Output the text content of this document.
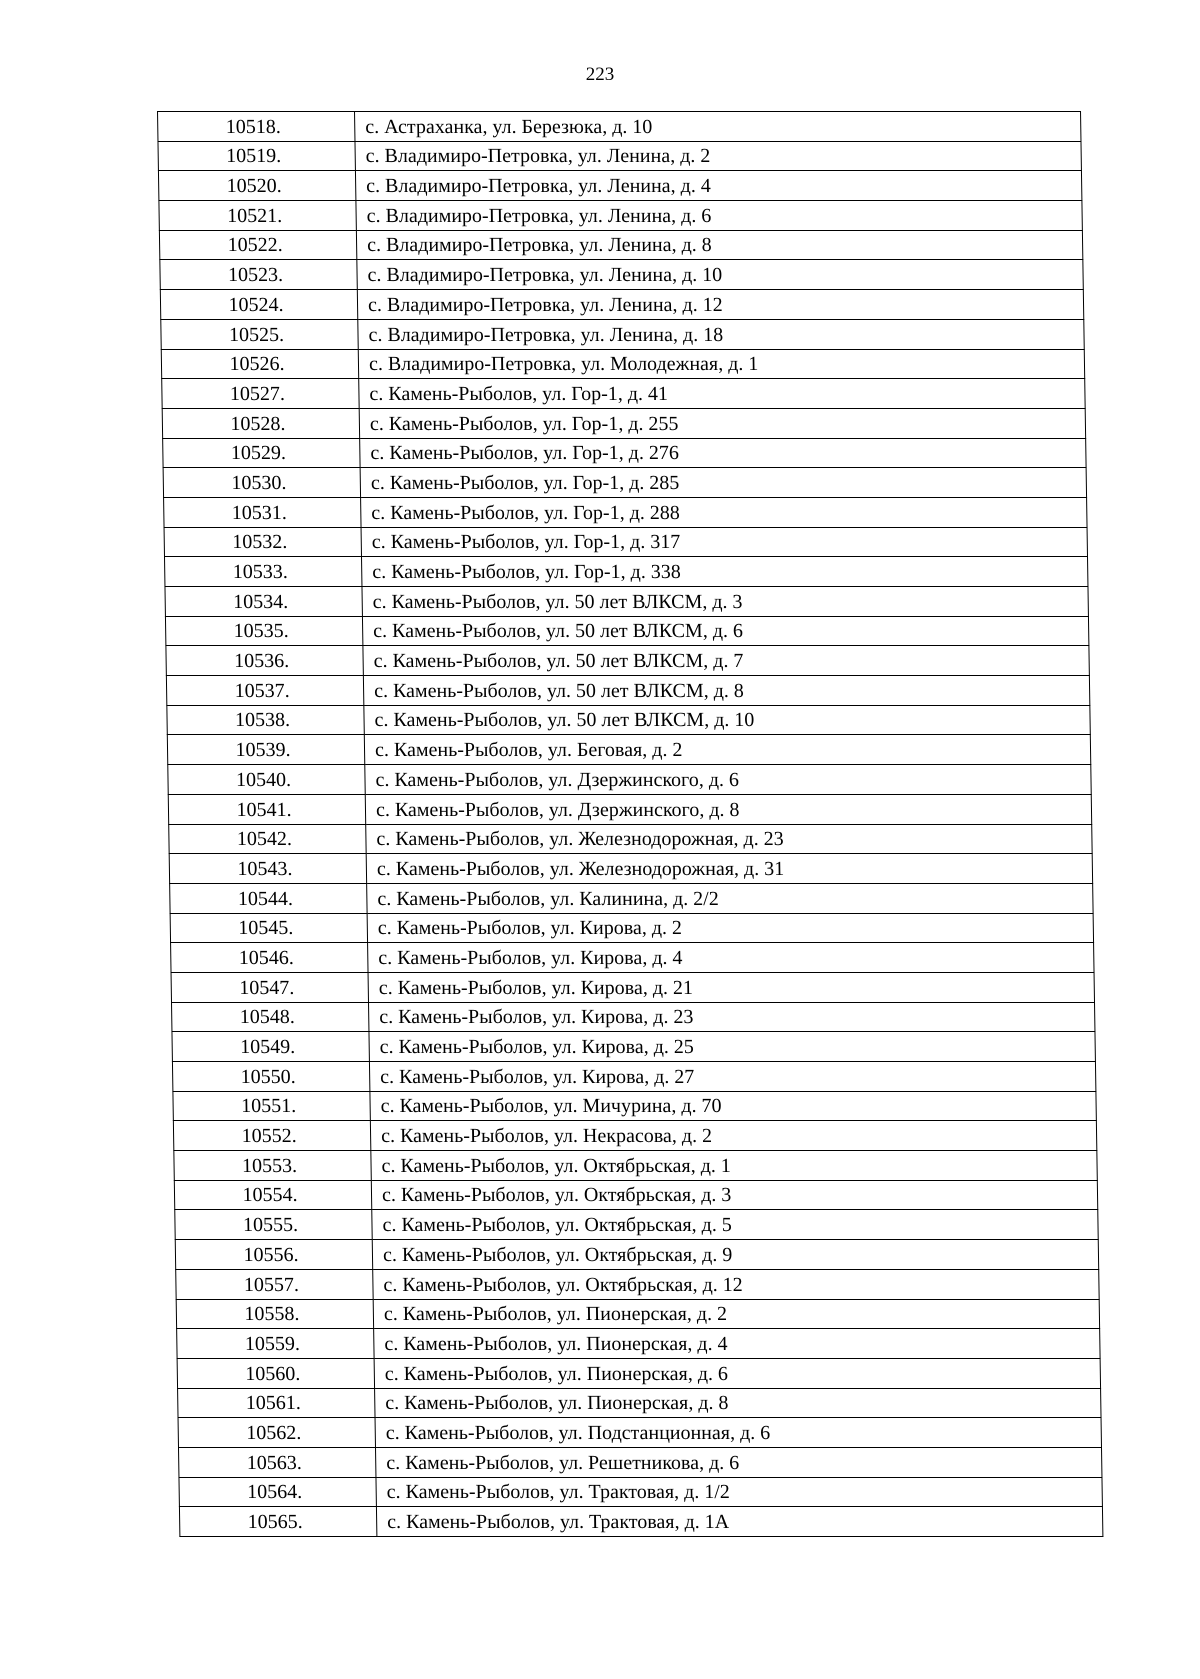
223
10518.	с. Астраханка, ул. Березюка, д. 10
10519.	с. Владимиро-Петровка, ул. Ленина, д. 2
10520.	с. Владимиро-Петровка, ул. Ленина, д. 4
10521.	с. Владимиро-Петровка, ул. Ленина, д. 6
10522.	с. Владимиро-Петровка, ул. Ленина, д. 8
10523.	с. Владимиро-Петровка, ул. Ленина, д. 10
10524.	с. Владимиро-Петровка, ул. Ленина, д. 12
10525.	с. Владимиро-Петровка, ул. Ленина, д. 18
10526.	с. Владимиро-Петровка, ул. Молодежная, д. 1
10527.	с. Камень-Рыболов, ул. Гор-1, д. 41
10528.	с. Камень-Рыболов, ул. Гор-1, д. 255
10529.	с. Камень-Рыболов, ул. Гор-1, д. 276
10530.	с. Камень-Рыболов, ул. Гор-1, д. 285
10531.	с. Камень-Рыболов, ул. Гор-1, д. 288
10532.	с. Камень-Рыболов, ул. Гор-1, д. 317
10533.	с. Камень-Рыболов, ул. Гор-1, д. 338
10534.	с. Камень-Рыболов, ул. 50 лет ВЛКСМ, д. 3
10535.	с. Камень-Рыболов, ул. 50 лет ВЛКСМ, д. 6
10536.	с. Камень-Рыболов, ул. 50 лет ВЛКСМ, д. 7
10537.	с. Камень-Рыболов, ул. 50 лет ВЛКСМ, д. 8
10538.	с. Камень-Рыболов, ул. 50 лет ВЛКСМ, д. 10
10539.	с. Камень-Рыболов, ул. Беговая, д. 2
10540.	с. Камень-Рыболов, ул. Дзержинского, д. 6
10541.	с. Камень-Рыболов, ул. Дзержинского, д. 8
10542.	с. Камень-Рыболов, ул. Железнодорожная, д. 23
10543.	с. Камень-Рыболов, ул. Железнодорожная, д. 31
10544.	с. Камень-Рыболов, ул. Калинина, д. 2/2
10545.	с. Камень-Рыболов, ул. Кирова, д. 2
10546.	с. Камень-Рыболов, ул. Кирова, д. 4
10547.	с. Камень-Рыболов, ул. Кирова, д. 21
10548.	с. Камень-Рыболов, ул. Кирова, д. 23
10549.	с. Камень-Рыболов, ул. Кирова, д. 25
10550.	с. Камень-Рыболов, ул. Кирова, д. 27
10551.	с. Камень-Рыболов, ул. Мичурина, д. 70
10552.	с. Камень-Рыболов, ул. Некрасова, д. 2
10553.	с. Камень-Рыболов, ул. Октябрьская, д. 1
10554.	с. Камень-Рыболов, ул. Октябрьская, д. 3
10555.	с. Камень-Рыболов, ул. Октябрьская, д. 5
10556.	с. Камень-Рыболов, ул. Октябрьская, д. 9
10557.	с. Камень-Рыболов, ул. Октябрьская, д. 12
10558.	с. Камень-Рыболов, ул. Пионерская, д. 2
10559.	с. Камень-Рыболов, ул. Пионерская, д. 4
10560.	с. Камень-Рыболов, ул. Пионерская, д. 6
10561.	с. Камень-Рыболов, ул. Пионерская, д. 8
10562.	с. Камень-Рыболов, ул. Подстанционная, д. 6
10563.	с. Камень-Рыболов, ул. Решетникова, д. 6
10564.	с. Камень-Рыболов, ул. Трактовая, д. 1/2
10565.	с. Камень-Рыболов, ул. Трактовая, д. 1А
